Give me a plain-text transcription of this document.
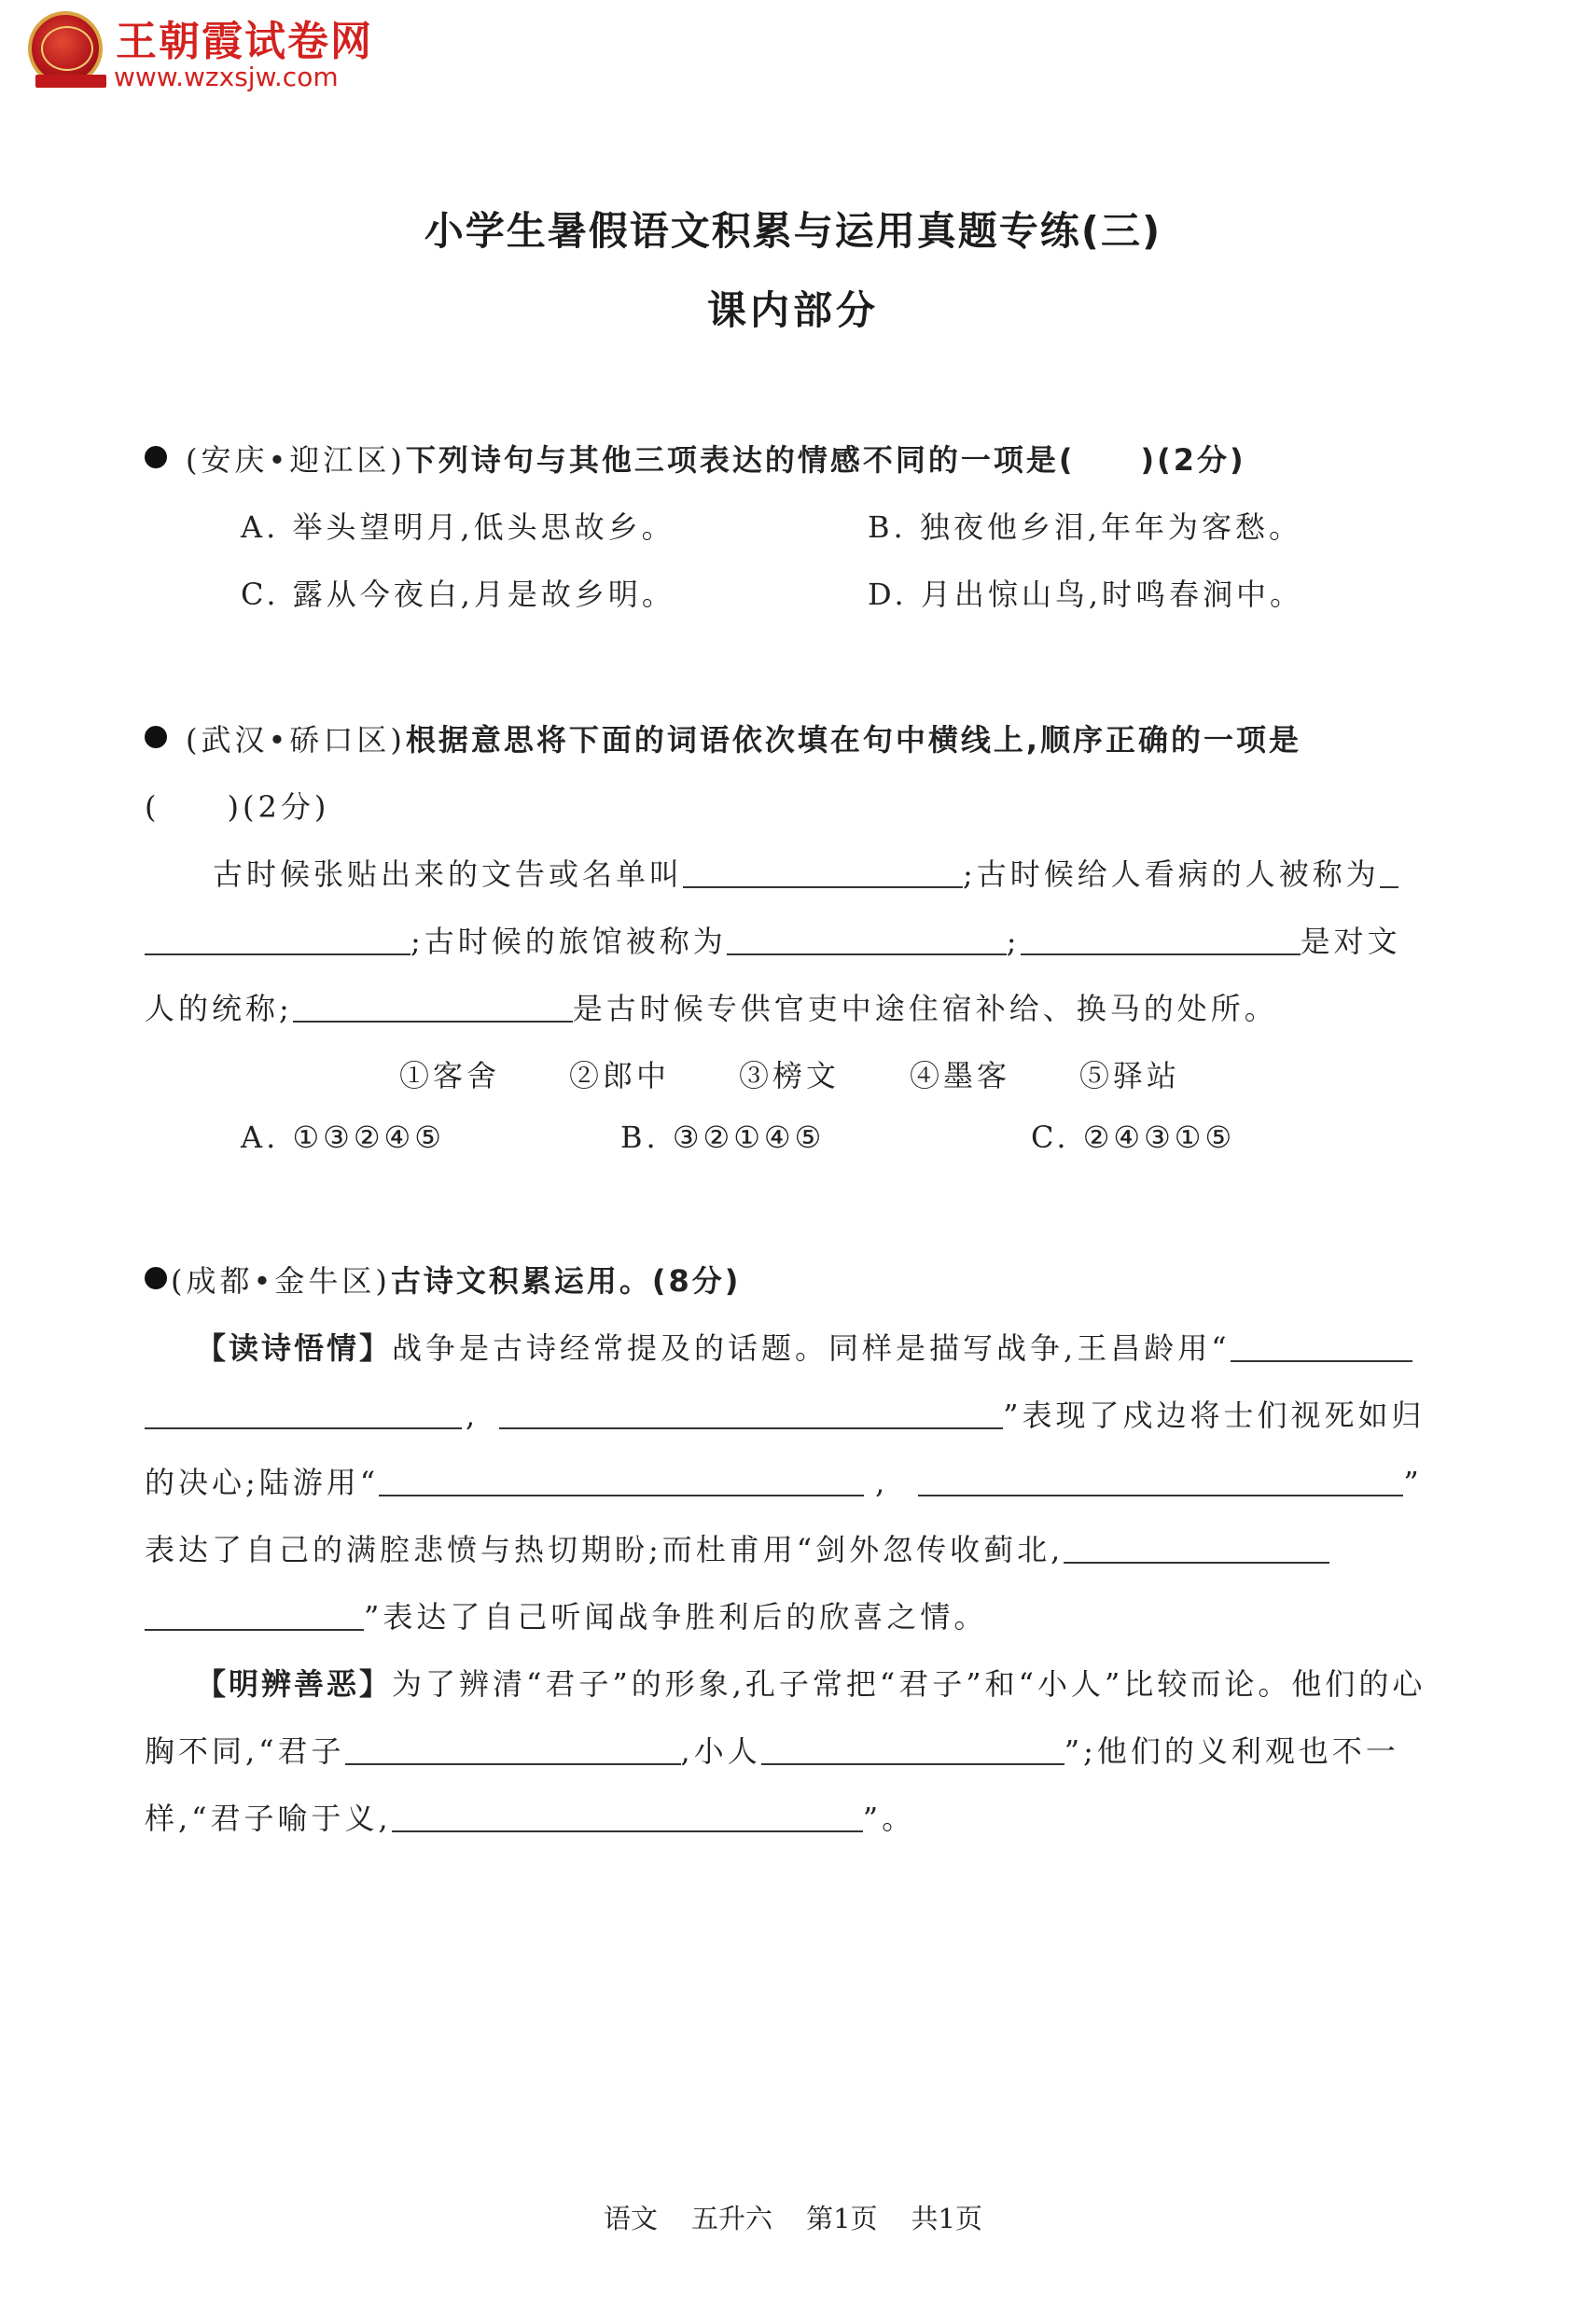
王朝霞试卷网
www.wzxsjw.com
小学生暑假语文积累与运用真题专练(三)
课内部分
(安庆•迎江区)下列诗句与其他三项表达的情感不同的一项是(　　)(2分)
A. 举头望明月,低头思故乡。	B. 独夜他乡泪,年年为客愁。
C. 露从今夜白,月是故乡明。	D. 月出惊山鸟,时鸣春涧中。
(武汉•硚口区)根据意思将下面的词语依次填在句中横线上,顺序正确的一项是
(　　)(2分)
古时候张贴出来的文告或名单叫	;古时候给人看病的人被称为
;古时候的旅馆被称为	;	是对文
人的统称;	是古时候专供官吏中途住宿补给、换马的处所。
①客舍 ②郎中 ③榜文 ④墨客 ⑤驿站
A. ①③②④⑤	B. ③②①④⑤	C. ②④③①⑤
(成都•金牛区)古诗文积累运用。(8分)
【读诗悟情】战争是古诗经常提及的话题。同样是描写战争,王昌龄用“
,	”表现了戍边将士们视死如归
的决心;陆游用“	,	”
表达了自己的满腔悲愤与热切期盼;而杜甫用“剑外忽传收蓟北,
”表达了自己听闻战争胜利后的欣喜之情。
【明辨善恶】为了辨清“君子”的形象,孔子常把“君子”和“小人”比较而论。他们的心
胸不同,“君子	,小人	”;他们的义利观也不一
样,“君子喻于义,	”。
语文 五升六 第1页 共1页
